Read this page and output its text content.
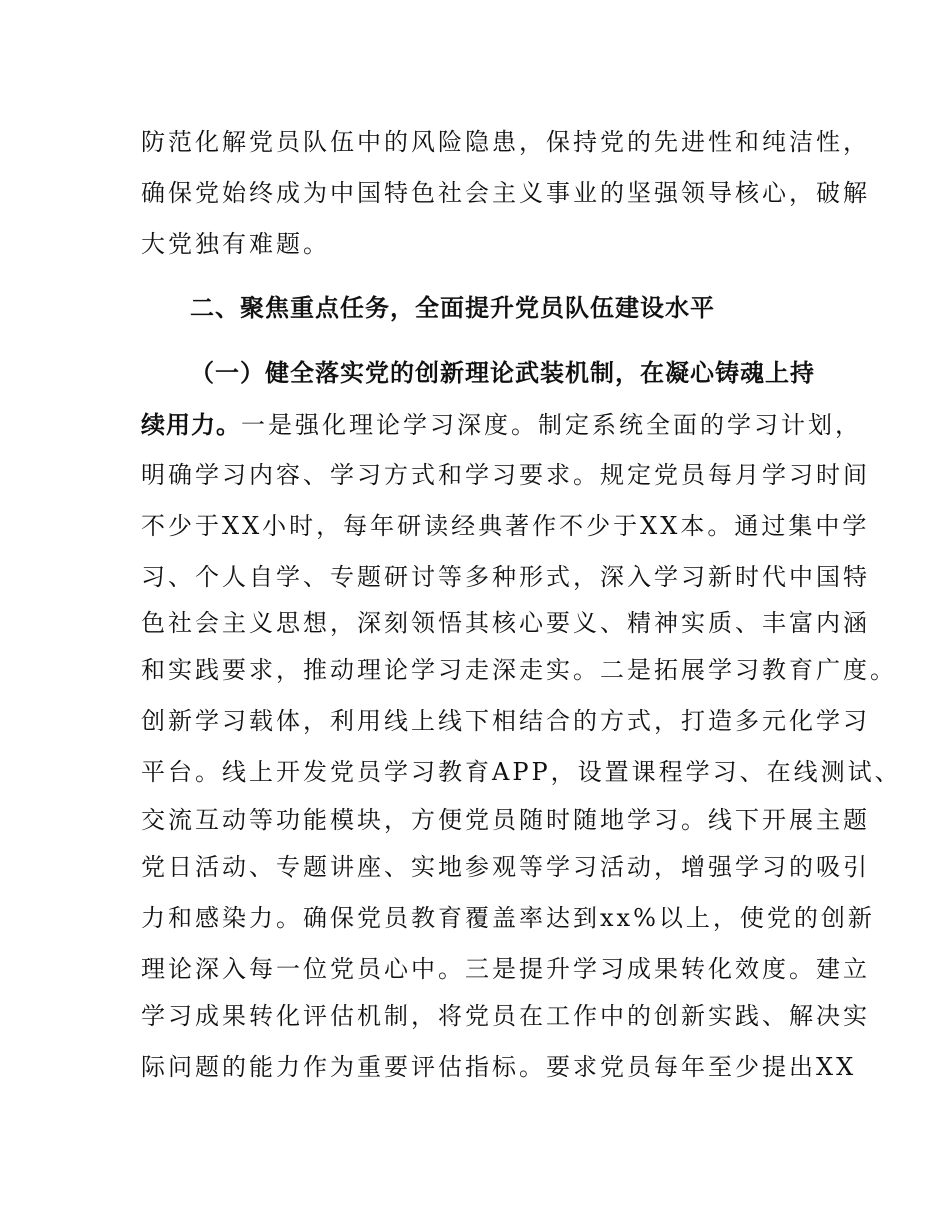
防范化解党员队伍中的风险隐患，保持党的先进性和纯洁性，
确保党始终成为中国特色社会主义事业的坚强领导核心，破解
大党独有难题。
二、聚焦重点任务，全面提升党员队伍建设水平
（一）健全落实党的创新理论武装机制，在凝心铸魂上持
续用力。一是强化理论学习深度。制定系统全面的学习计划，
明确学习内容、学习方式和学习要求。规定党员每月学习时间
不少于XX小时，每年研读经典著作不少于XX本。通过集中学
习、个人自学、专题研讨等多种形式，深入学习新时代中国特
色社会主义思想，深刻领悟其核心要义、精神实质、丰富内涵
和实践要求，推动理论学习走深走实。二是拓展学习教育广度。
创新学习载体，利用线上线下相结合的方式，打造多元化学习
平台。线上开发党员学习教育APP，设置课程学习、在线测试、
交流互动等功能模块，方便党员随时随地学习。线下开展主题
党日活动、专题讲座、实地参观等学习活动，增强学习的吸引
力和感染力。确保党员教育覆盖率达到xx%以上，使党的创新
理论深入每一位党员心中。三是提升学习成果转化效度。建立
学习成果转化评估机制，将党员在工作中的创新实践、解决实
际问题的能力作为重要评估指标。要求党员每年至少提出XX
